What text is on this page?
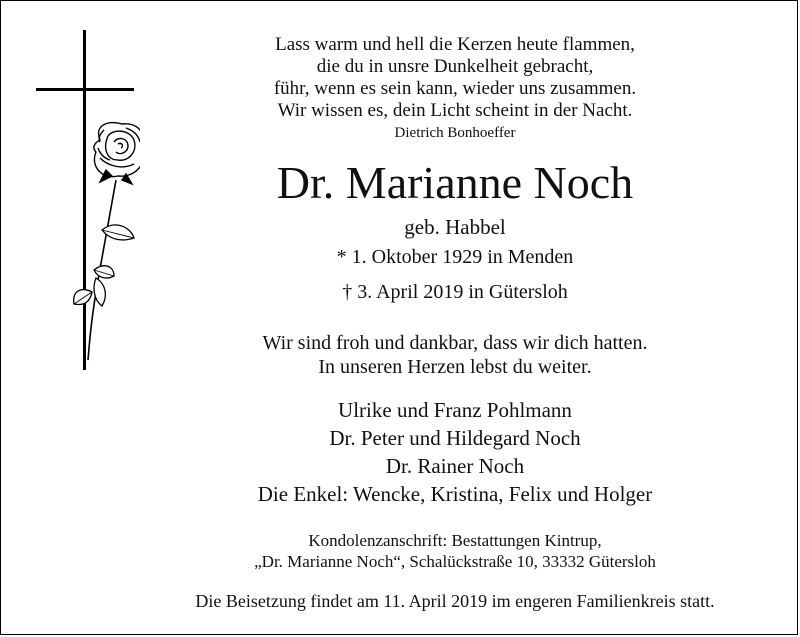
Lass warm und hell die Kerzen heute flammen,
die du in unsre Dunkelheit gebracht,
führ, wenn es sein kann, wieder uns zusammen.
Wir wissen es, dein Licht scheint in der Nacht.
Dietrich Bonhoeffer
Dr. Marianne Noch
geb. Habbel
* 1. Oktober 1929 in Menden
† 3. April 2019 in Gütersloh
Wir sind froh und dankbar, dass wir dich hatten.
In unseren Herzen lebst du weiter.
Ulrike und Franz Pohlmann
Dr. Peter und Hildegard Noch
Dr. Rainer Noch
Die Enkel: Wencke, Kristina, Felix und Holger
Kondolenzanschrift: Bestattungen Kintrup,
„Dr. Marianne Noch“, Schalückstraße 10, 33332 Gütersloh
Die Beisetzung findet am 11. April 2019 im engeren Familienkreis statt.
